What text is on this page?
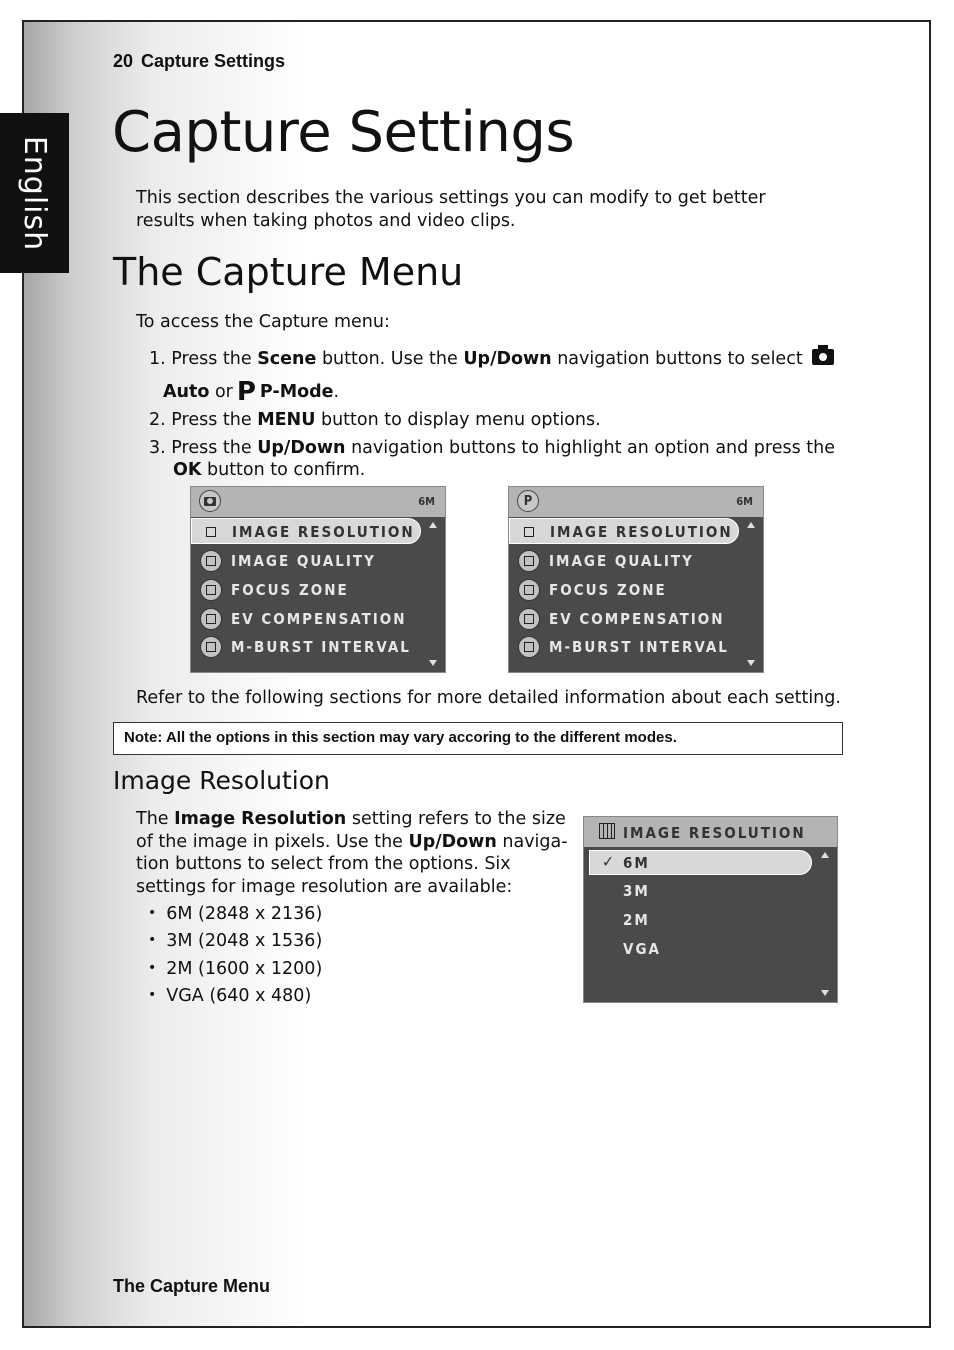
English
20 Capture Settings
Capture Settings

This section describes the various settings you can modify to get better results when taking photos and video clips.

The Capture Menu

To access the Capture menu:

1. Press the Scene button. Use the Up/Down navigation buttons to select

Auto or P P-Mode.

2. Press the MENU button to display menu options.

3. Press the Up/Down navigation buttons to highlight an option and press the

OK button to confirm.

6M
IMAGE RESOLUTION
IMAGE QUALITY
FOCUS ZONE
EV COMPENSATION
M-BURST INTERVAL
P	6M
IMAGE RESOLUTION
IMAGE QUALITY
FOCUS ZONE
EV COMPENSATION
M-BURST INTERVAL

Refer to the following sections for more detailed information about each setting.

Note: All the options in this section may vary accoring to the different modes.
Image Resolution

The Image Resolution setting refers to the size of the image in pixels. Use the Up/Down naviga-tion buttons to select from the options. Six settings for image resolution are available:

• 6M (2848 x 2136)
• 3M (2048 x 1536)
• 2M (1600 x 1200)
• VGA (640 x 480)
IMAGE RESOLUTION
✓ 6M
3M
2M
VGA
The Capture Menu
